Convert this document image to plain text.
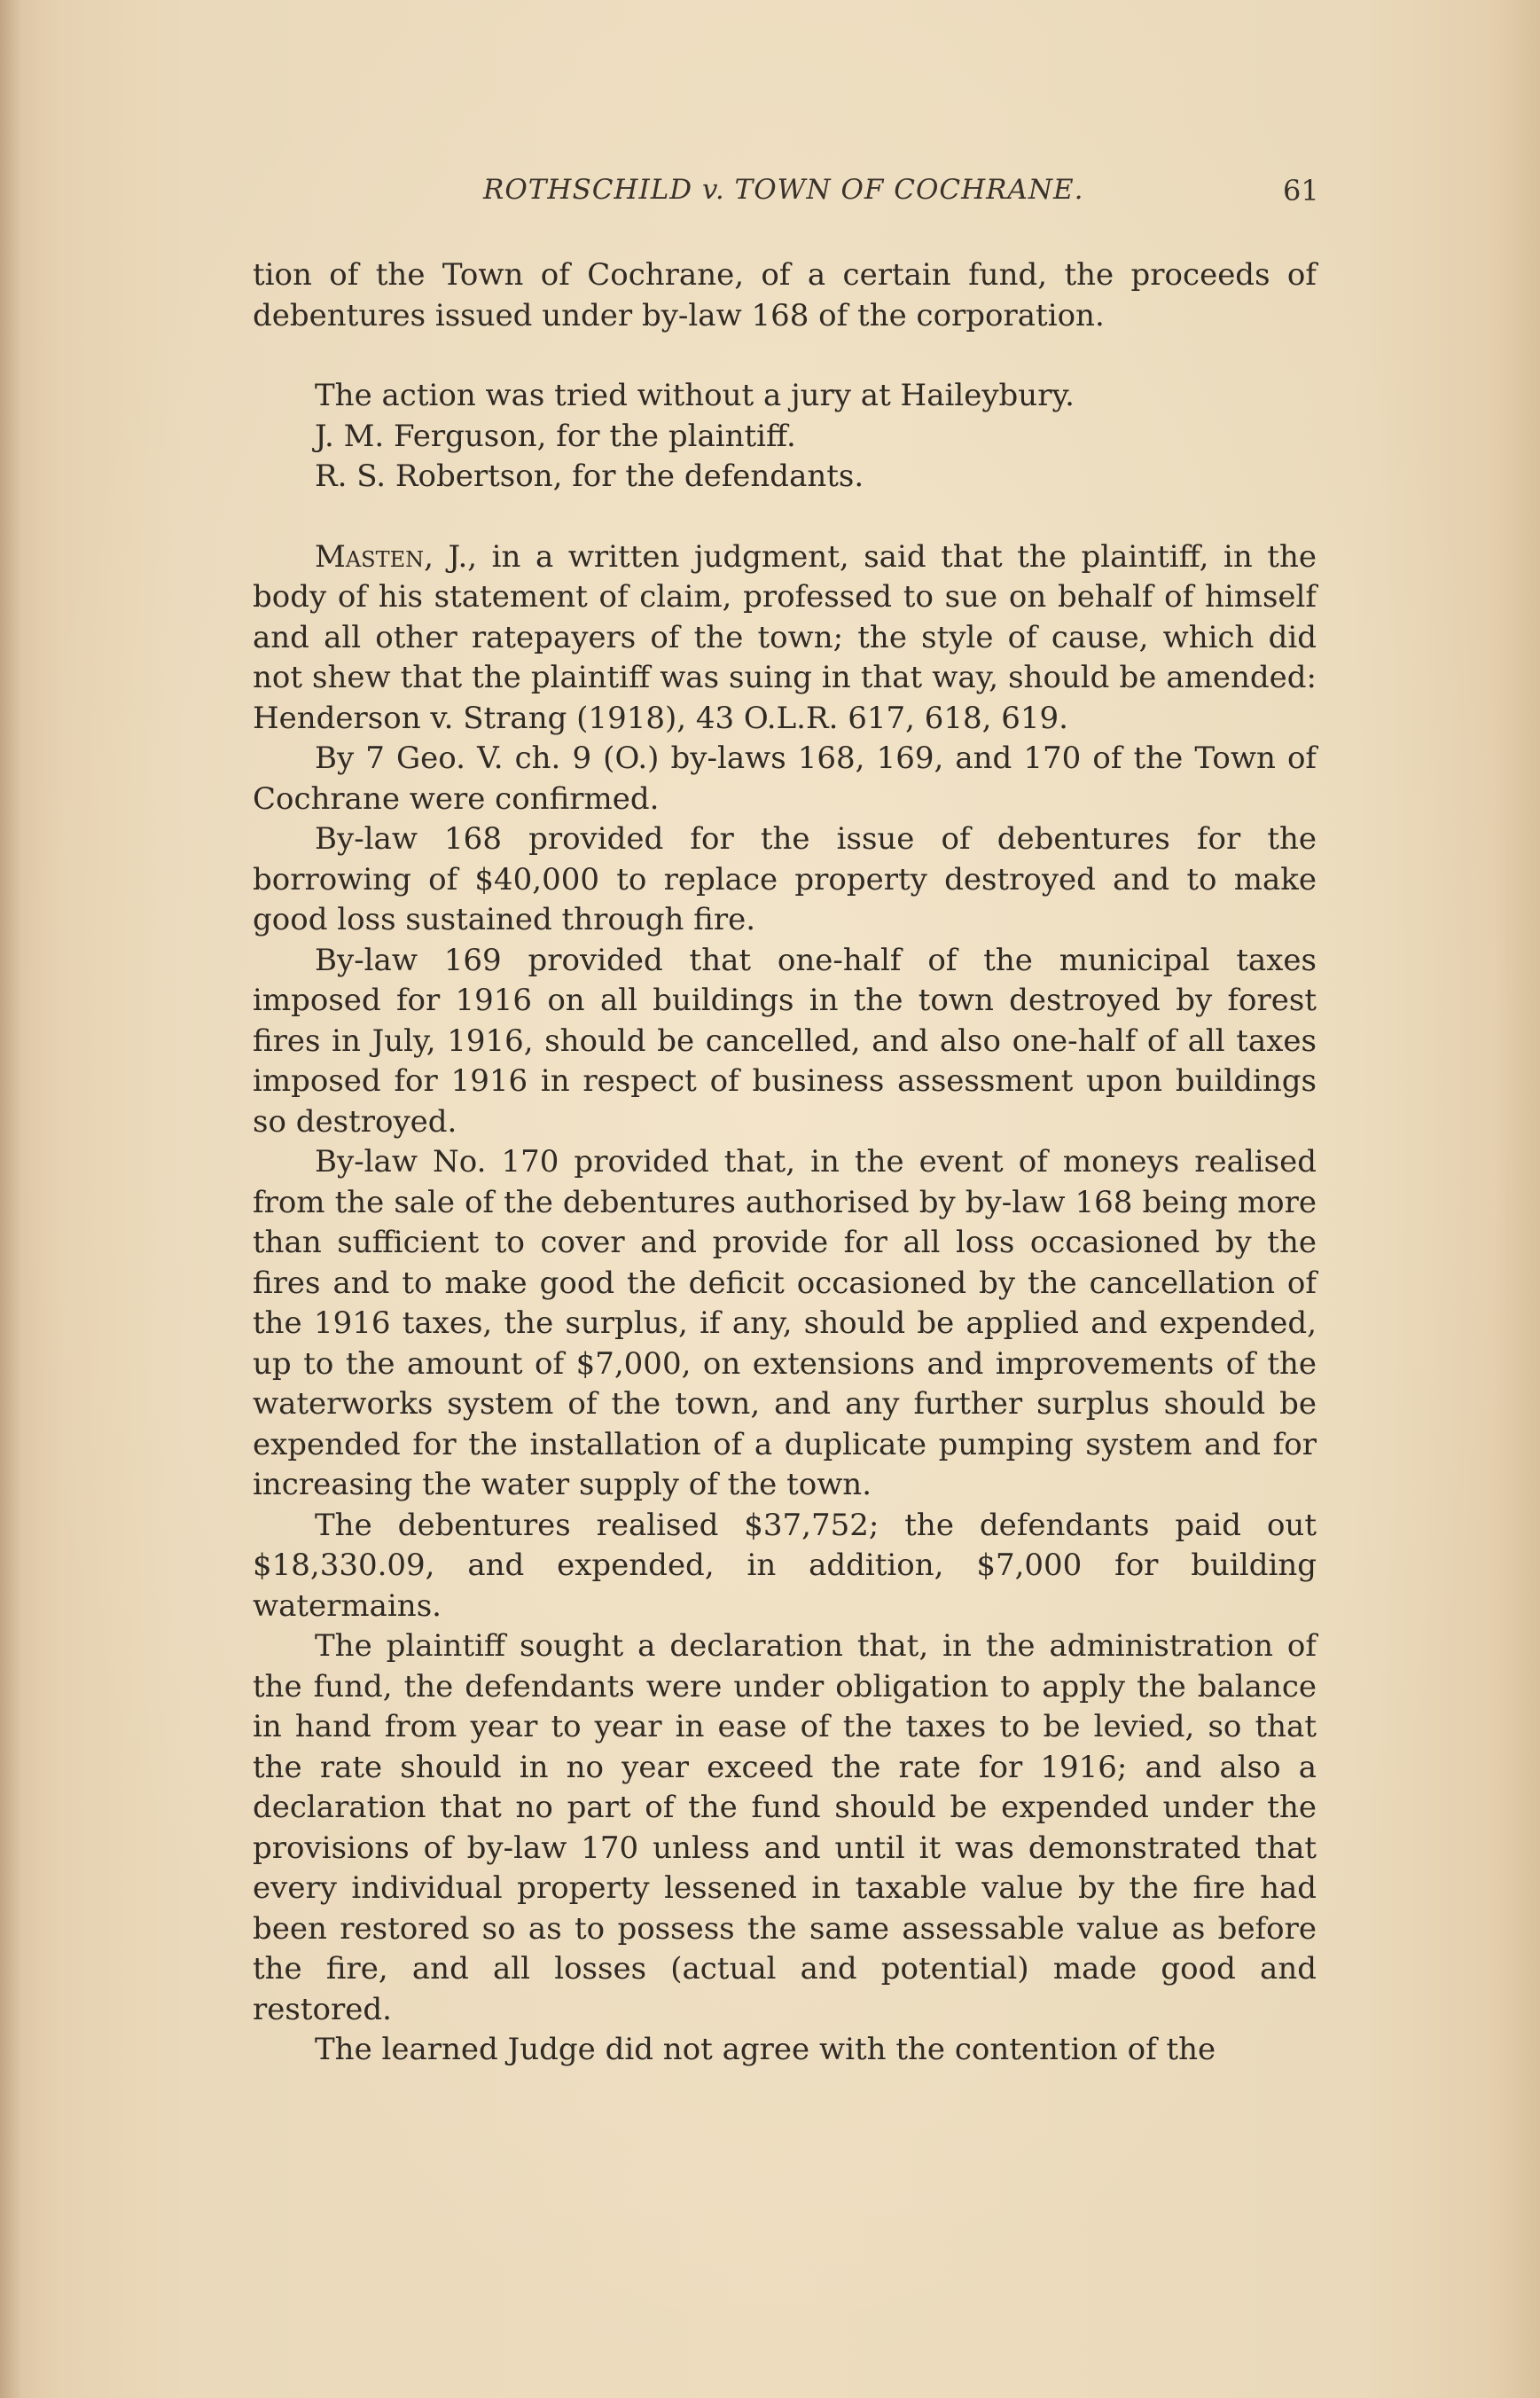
ROTHSCHILD v. TOWN OF COCHRANE.	61

tion of the Town of Cochrane, of a certain fund, the proceeds of debentures issued under by-law 168 of the corporation.

The action was tried without a jury at Haileybury.

J. M. Ferguson, for the plaintiff.

R. S. Robertson, for the defendants.

Masten, J., in a written judgment, said that the plaintiff, in the body of his statement of claim, professed to sue on behalf of himself and all other ratepayers of the town; the style of cause, which did not shew that the plaintiff was suing in that way, should be amended: Henderson v. Strang (1918), 43 O.L.R. 617, 618, 619.

By 7 Geo. V. ch. 9 (O.) by-laws 168, 169, and 170 of the Town of Cochrane were confirmed.

By-law 168 provided for the issue of debentures for the borrowing of $40,000 to replace property destroyed and to make good loss sustained through fire.

By-law 169 provided that one-half of the municipal taxes imposed for 1916 on all buildings in the town destroyed by forest fires in July, 1916, should be cancelled, and also one-half of all taxes imposed for 1916 in respect of business assessment upon buildings so destroyed.

By-law No. 170 provided that, in the event of moneys realised from the sale of the debentures authorised by by-law 168 being more than sufficient to cover and provide for all loss occasioned by the fires and to make good the deficit occasioned by the cancellation of the 1916 taxes, the surplus, if any, should be applied and expended, up to the amount of $7,000, on extensions and improvements of the waterworks system of the town, and any further surplus should be expended for the installation of a duplicate pumping system and for increasing the water supply of the town.

The debentures realised $37,752; the defendants paid out $18,330.09, and expended, in addition, $7,000 for building watermains.

The plaintiff sought a declaration that, in the administration of the fund, the defendants were under obligation to apply the balance in hand from year to year in ease of the taxes to be levied, so that the rate should in no year exceed the rate for 1916; and also a declaration that no part of the fund should be expended under the provisions of by-law 170 unless and until it was demonstrated that every individual property lessened in taxable value by the fire had been restored so as to possess the same assessable value as before the fire, and all losses (actual and potential) made good and restored.

The learned Judge did not agree with the contention of the
